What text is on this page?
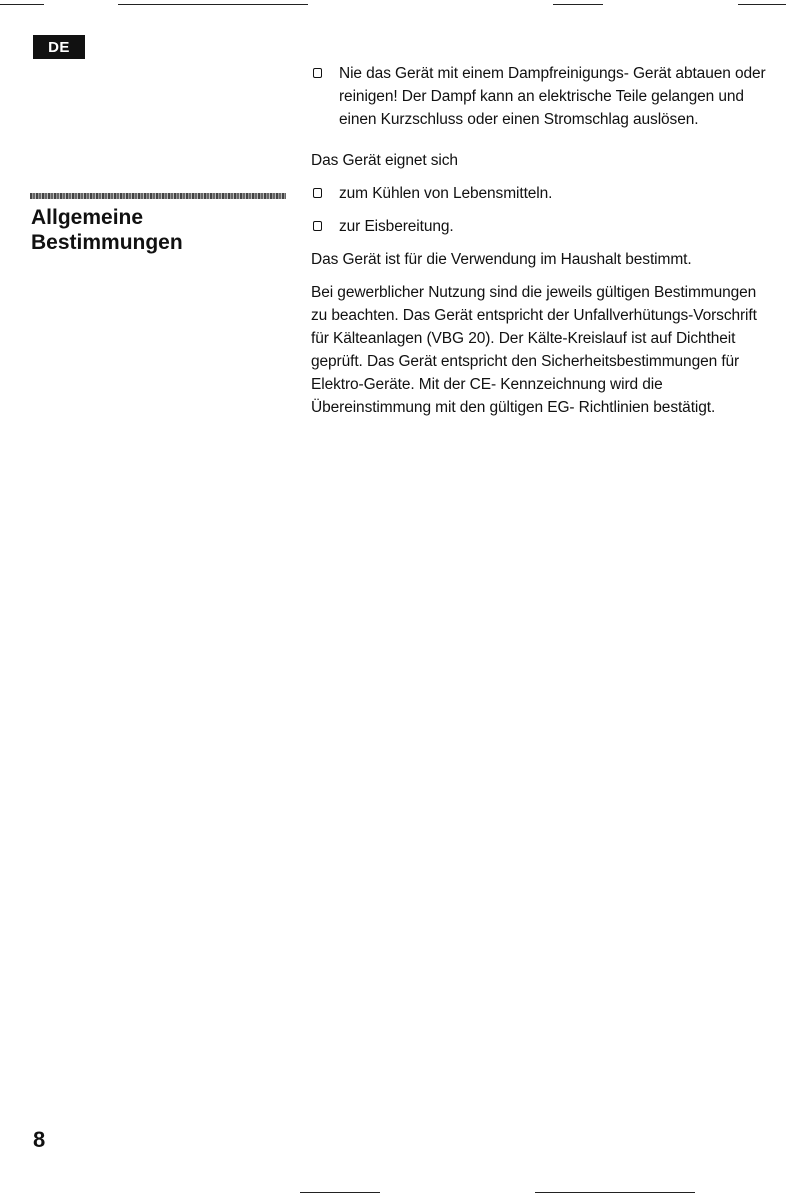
DE
Allgemeine
Bestimmungen

Nie das Gerät mit einem Dampfreinigungs- Gerät abtauen oder reinigen! Der Dampf kann an elektrische Teile gelangen und einen Kurzschluss oder einen Stromschlag auslösen.

Das Gerät eignet sich

zum Kühlen von Lebensmitteln.

zur Eisbereitung.

Das Gerät ist für die Verwendung im Haushalt bestimmt.

Bei gewerblicher Nutzung sind die jeweils gültigen Bestimmungen zu beachten. Das Gerät entspricht der Unfallverhütungs-Vorschrift für Kälteanlagen (VBG 20). Der Kälte-Kreislauf ist auf Dichtheit geprüft. Das Gerät entspricht den Sicherheitsbestimmungen für Elektro-Geräte. Mit der CE- Kennzeichnung wird die Übereinstimmung mit den gültigen EG- Richtlinien bestätigt.

8
